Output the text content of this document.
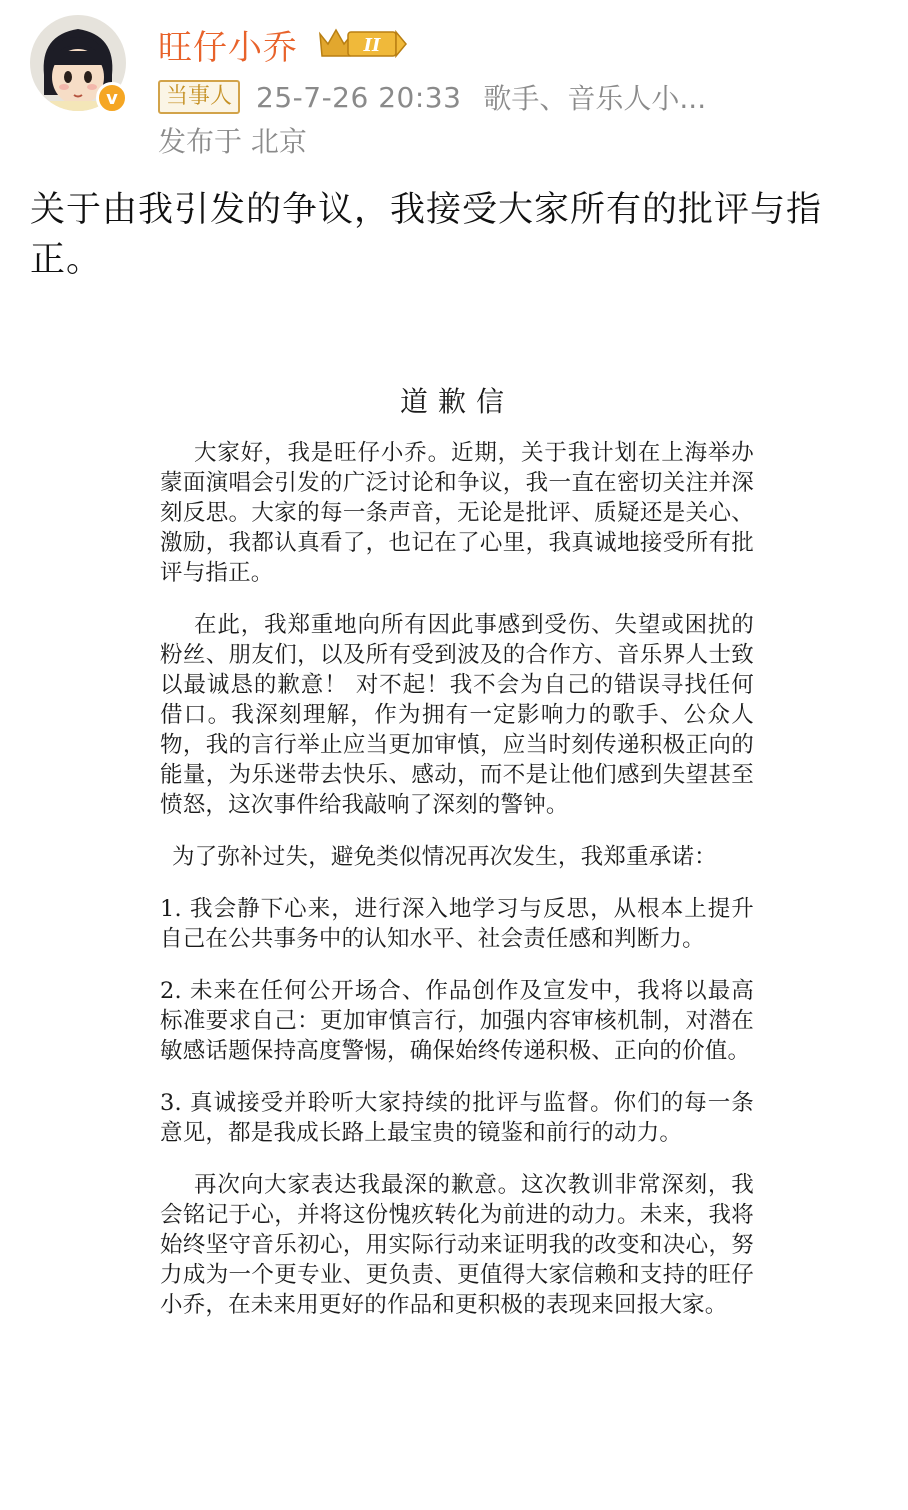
v
旺仔小乔	II
当事人 25-7-26 20:33 歌手、音乐人小...
发布于 北京
关于由我引发的争议，我接受大家所有的批评与指正。
道歉信

大家好，我是旺仔小乔。近期，关于我计划在上海举办蒙面演唱会引发的广泛讨论和争议，我一直在密切关注并深刻反思。大家的每一条声音，无论是批评、质疑还是关心、激励，我都认真看了，也记在了心里，我真诚地接受所有批评与指正。

在此，我郑重地向所有因此事感到受伤、失望或困扰的粉丝、朋友们，以及所有受到波及的合作方、音乐界人士致以最诚恳的歉意！ 对不起！我不会为自己的错误寻找任何借口。我深刻理解，作为拥有一定影响力的歌手、公众人物，我的言行举止应当更加审慎，应当时刻传递积极正向的能量，为乐迷带去快乐、感动，而不是让他们感到失望甚至愤怒，这次事件给我敲响了深刻的警钟。

为了弥补过失，避免类似情况再次发生，我郑重承诺：

1. 我会静下心来，进行深入地学习与反思，从根本上提升自己在公共事务中的认知水平、社会责任感和判断力。

2. 未来在任何公开场合、作品创作及宣发中，我将以最高标准要求自己：更加审慎言行，加强内容审核机制，对潜在敏感话题保持高度警惕，确保始终传递积极、正向的价值。

3. 真诚接受并聆听大家持续的批评与监督。你们的每一条意见，都是我成长路上最宝贵的镜鉴和前行的动力。

再次向大家表达我最深的歉意。这次教训非常深刻，我会铭记于心，并将这份愧疚转化为前进的动力。未来，我将始终坚守音乐初心，用实际行动来证明我的改变和决心，努力成为一个更专业、更负责、更值得大家信赖和支持的旺仔小乔，在未来用更好的作品和更积极的表现来回报大家。
